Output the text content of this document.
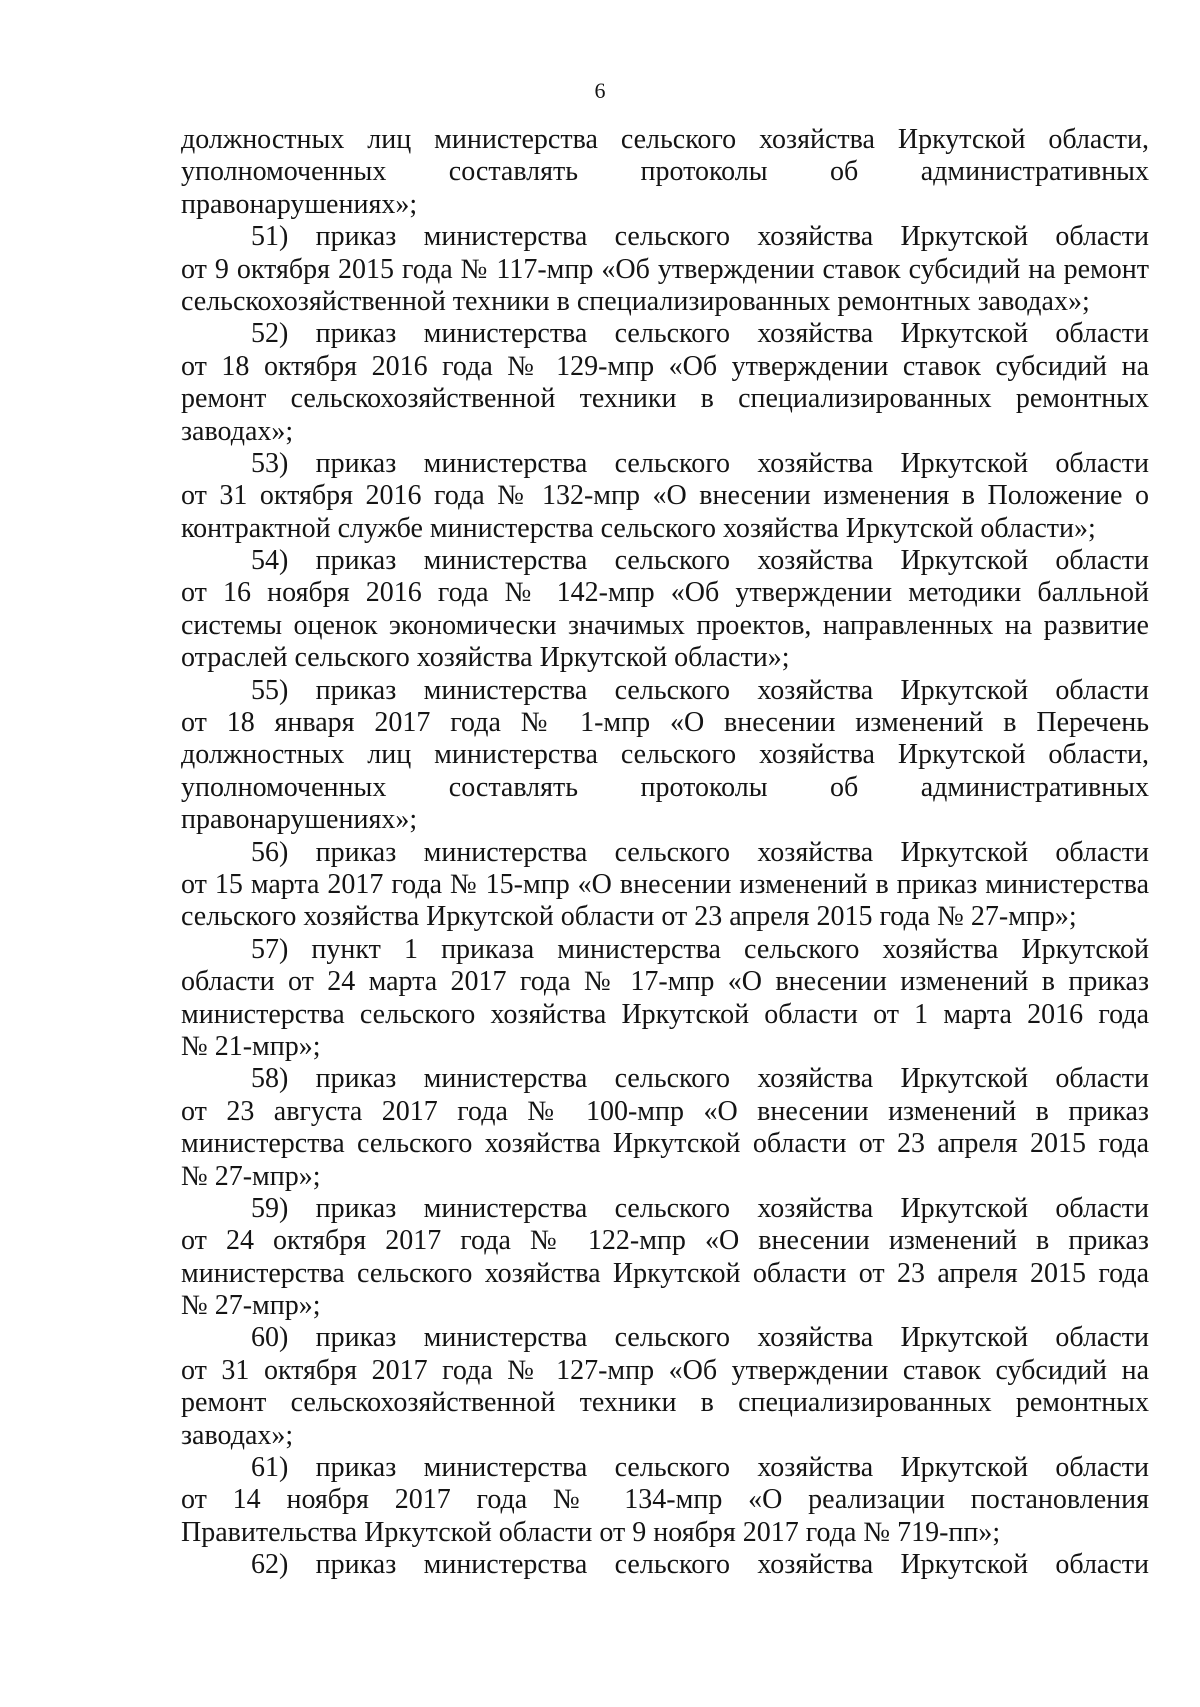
6
должностных лиц министерства сельского хозяйства Иркутской области,
уполномоченных составлять протоколы об административных
правонарушениях»;
51) приказ министерства сельского хозяйства Иркутской области
от 9 октября 2015 года № 117-мпр «Об утверждении ставок субсидий на ремонт
сельскохозяйственной техники в специализированных ремонтных заводах»;
52) приказ министерства сельского хозяйства Иркутской области
от 18 октября 2016 года № 129-мпр «Об утверждении ставок субсидий на
ремонт сельскохозяйственной техники в специализированных ремонтных
заводах»;
53) приказ министерства сельского хозяйства Иркутской области
от 31 октября 2016 года № 132-мпр «О внесении изменения в Положение о
контрактной службе министерства сельского хозяйства Иркутской области»;
54) приказ министерства сельского хозяйства Иркутской области
от 16 ноября 2016 года № 142-мпр «Об утверждении методики балльной
системы оценок экономически значимых проектов, направленных на развитие
отраслей сельского хозяйства Иркутской области»;
55) приказ министерства сельского хозяйства Иркутской области
от 18 января 2017 года № 1-мпр «О внесении изменений в Перечень
должностных лиц министерства сельского хозяйства Иркутской области,
уполномоченных составлять протоколы об административных
правонарушениях»;
56) приказ министерства сельского хозяйства Иркутской области
от 15 марта 2017 года № 15-мпр «О внесении изменений в приказ министерства
сельского хозяйства Иркутской области от 23 апреля 2015 года № 27-мпр»;
57) пункт 1 приказа министерства сельского хозяйства Иркутской
области от 24 марта 2017 года № 17-мпр «О внесении изменений в приказ
министерства сельского хозяйства Иркутской области от 1 марта 2016 года
№ 21-мпр»;
58) приказ министерства сельского хозяйства Иркутской области
от 23 августа 2017 года № 100-мпр «О внесении изменений в приказ
министерства сельского хозяйства Иркутской области от 23 апреля 2015 года
№ 27-мпр»;
59) приказ министерства сельского хозяйства Иркутской области
от 24 октября 2017 года № 122-мпр «О внесении изменений в приказ
министерства сельского хозяйства Иркутской области от 23 апреля 2015 года
№ 27-мпр»;
60) приказ министерства сельского хозяйства Иркутской области
от 31 октября 2017 года № 127-мпр «Об утверждении ставок субсидий на
ремонт сельскохозяйственной техники в специализированных ремонтных
заводах»;
61) приказ министерства сельского хозяйства Иркутской области
от 14 ноября 2017 года № 134-мпр «О реализации постановления
Правительства Иркутской области от 9 ноября 2017 года № 719-пп»;
62) приказ министерства сельского хозяйства Иркутской области
